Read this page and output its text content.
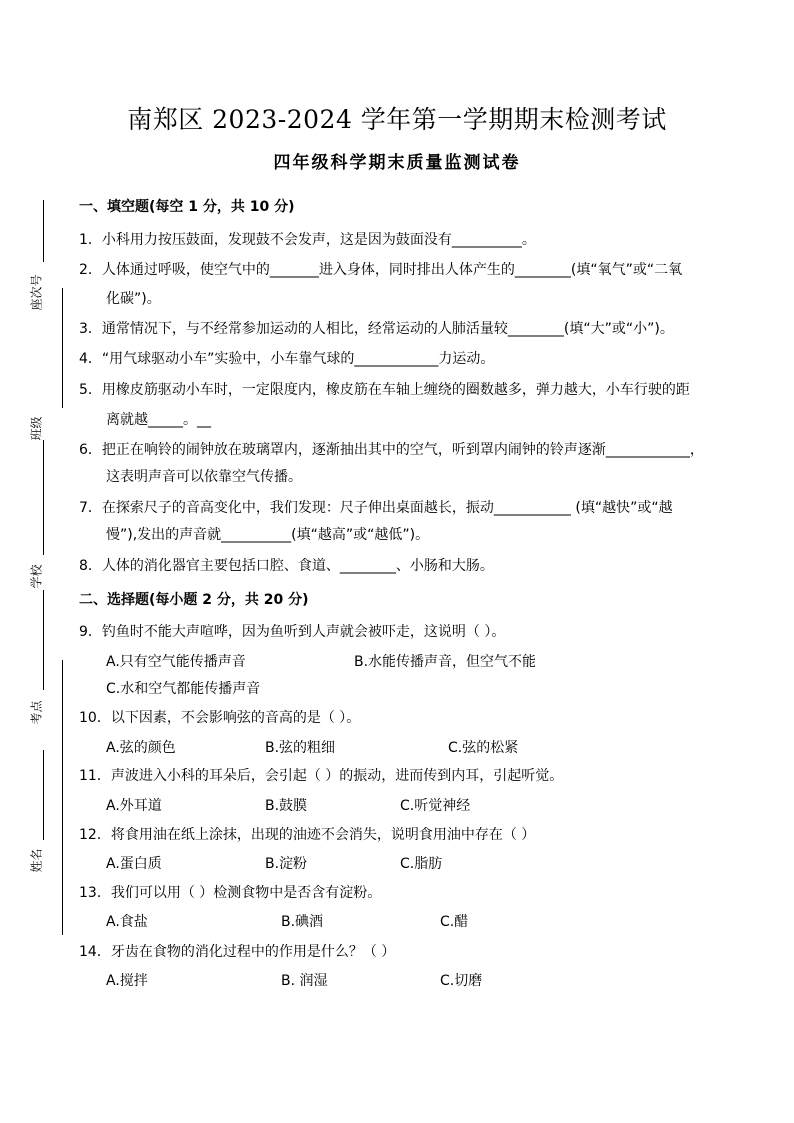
座次号
班级
学校
考点
姓名
南郑区 2023-2024 学年第一学期期末检测考试
四年级科学期末质量监测试卷
一、填空题(每空 1 分，共 10 分)
1．小科用力按压鼓面，发现鼓不会发声，这是因为鼓面没有__________。
2．人体通过呼吸，使空气中的_______进入身体，同时排出人体产生的________(填“氧气”或“二氧
化碳”)。
3．通常情况下，与不经常参加运动的人相比，经常运动的人肺活量较________(填“大”或“小”)。
4．“用气球驱动小车”实验中，小车靠气球的____________力运动。
5．用橡皮筋驱动小车时，一定限度内，橡皮筋在车轴上缠绕的圈数越多，弹力越大，小车行驶的距
离就越_____。__
6．把正在响铃的闹钟放在玻璃罩内，逐渐抽出其中的空气，听到罩内闹钟的铃声逐渐____________，
这表明声音可以依靠空气传播。
7．在探索尺子的音高变化中，我们发现：尺子伸出桌面越长，振动___________ (填“越快”或“越
慢”),发出的声音就__________(填“越高”或“越低”)。
8．人体的消化器官主要包括口腔、食道、________、小肠和大肠。
二、选择题(每小题 2 分，共 20 分)
9．钓鱼时不能大声喧哗，因为鱼听到人声就会被吓走，这说明（ ）。
A.只有空气能传播声音	B.水能传播声音，但空气不能
C.水和空气都能传播声音
10．以下因素，不会影响弦的音高的是（ ）。
A.弦的颜色	B.弦的粗细	C.弦的松紧
11．声波进入小科的耳朵后，会引起（ ）的振动，进而传到内耳，引起听觉。
A.外耳道	B.鼓膜	C.听觉神经
12．将食用油在纸上涂抹，出现的油迹不会消失，说明食用油中存在（ ）
A.蛋白质	B.淀粉	C.脂肪
13．我们可以用（ ）检测食物中是否含有淀粉。
A.食盐	B.碘酒	C.醋
14．牙齿在食物的消化过程中的作用是什么？（ ）
A.搅拌	B. 润湿	C.切磨
